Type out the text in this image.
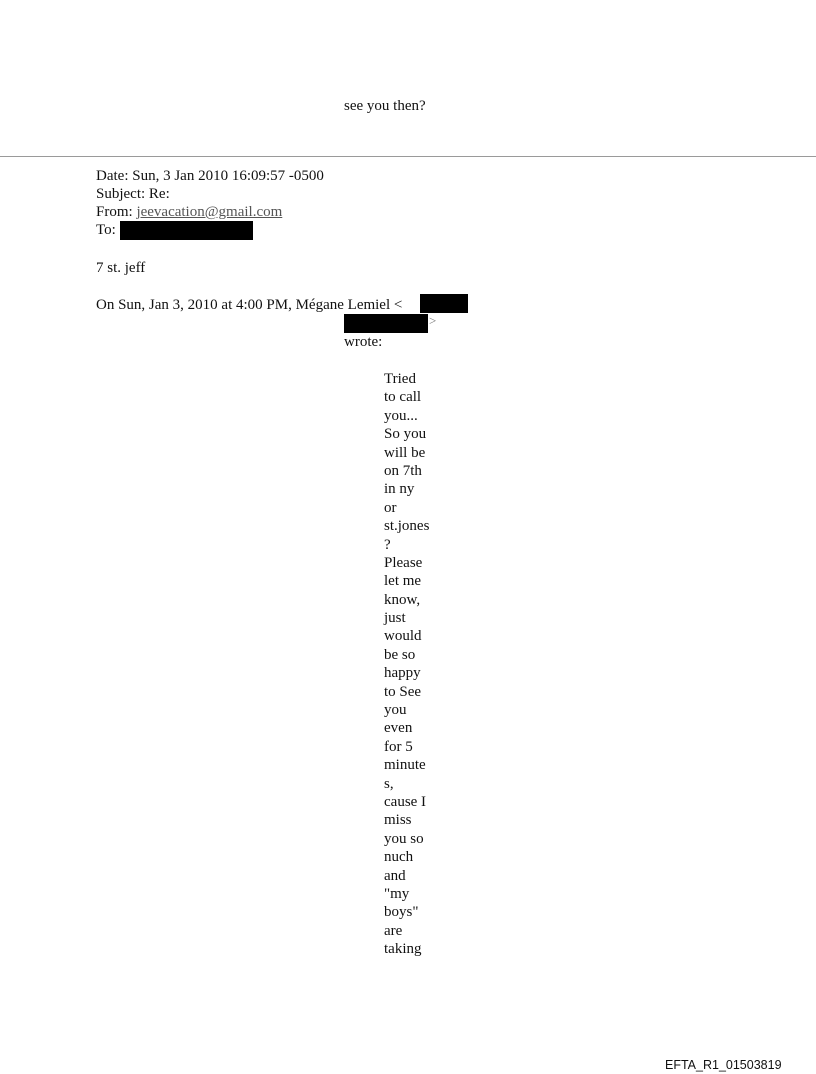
see you then?
Date: Sun, 3 Jan 2010 16:09:57 -0500
Subject: Re:
From: jeevacation@gmail.com
To:
7 st. jeff
On Sun, Jan 3, 2010 at 4:00 PM, Mégane Lemiel <
>
wrote:
Tried
to call
you...
So you
will be
on 7th
in ny
or
st.jones
?
Please
let me
know,
just
would
be so
happy
to See
you
even
for 5
minute
s,
cause I
miss
you so
nuch
and
"my
boys"
are
taking
EFTA_R1_01503819
